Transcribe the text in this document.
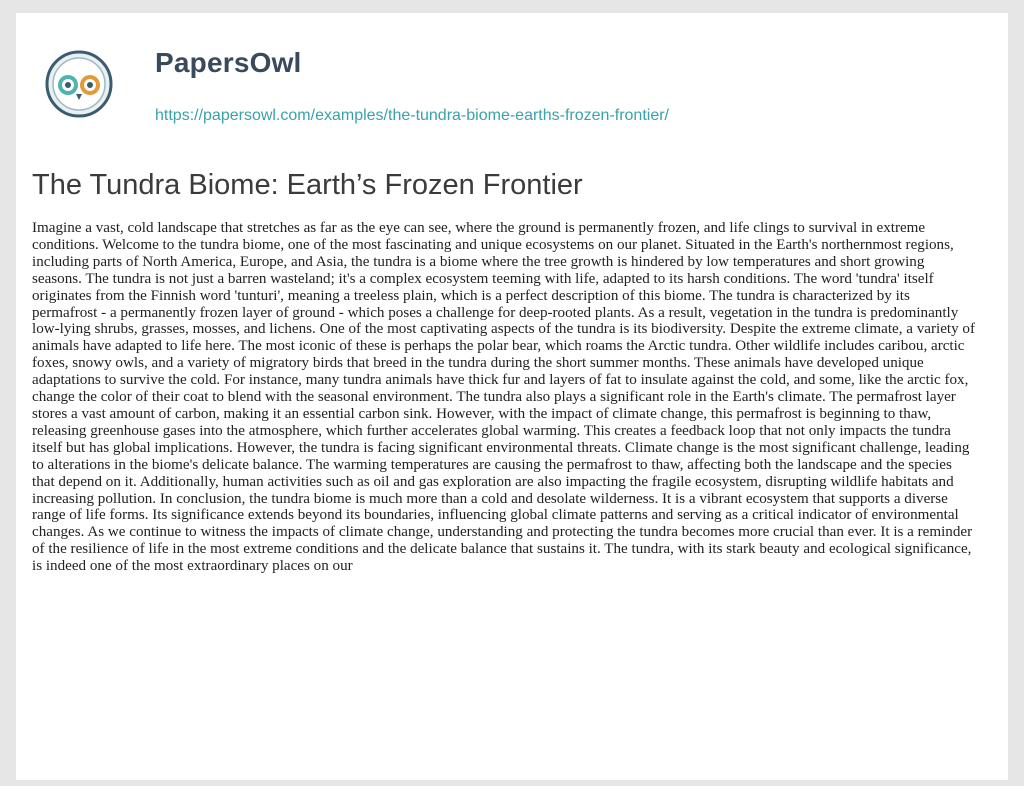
PapersOwl
https://papersowl.com/examples/the-tundra-biome-earths-frozen-frontier/
The Tundra Biome: Earth’s Frozen Frontier

Imagine a vast, cold landscape that stretches as far as the eye can see, where the ground is permanently frozen, and life clings to survival in extreme conditions. Welcome to the tundra biome, one of the most fascinating and unique ecosystems on our planet. Situated in the Earth's northernmost regions, including parts of North America, Europe, and Asia, the tundra is a biome where the tree growth is hindered by low temperatures and short growing seasons. The tundra is not just a barren wasteland; it's a complex ecosystem teeming with life, adapted to its harsh conditions. The word 'tundra' itself originates from the Finnish word 'tunturi', meaning a treeless plain, which is a perfect description of this biome. The tundra is characterized by its permafrost - a permanently frozen layer of ground - which poses a challenge for deep-rooted plants. As a result, vegetation in the tundra is predominantly low-lying shrubs, grasses, mosses, and lichens. One of the most captivating aspects of the tundra is its biodiversity. Despite the extreme climate, a variety of animals have adapted to life here. The most iconic of these is perhaps the polar bear, which roams the Arctic tundra. Other wildlife includes caribou, arctic foxes, snowy owls, and a variety of migratory birds that breed in the tundra during the short summer months. These animals have developed unique adaptations to survive the cold. For instance, many tundra animals have thick fur and layers of fat to insulate against the cold, and some, like the arctic fox, change the color of their coat to blend with the seasonal environment. The tundra also plays a significant role in the Earth's climate. The permafrost layer stores a vast amount of carbon, making it an essential carbon sink. However, with the impact of climate change, this permafrost is beginning to thaw, releasing greenhouse gases into the atmosphere, which further accelerates global warming. This creates a feedback loop that not only impacts the tundra itself but has global implications. However, the tundra is facing significant environmental threats. Climate change is the most significant challenge, leading to alterations in the biome's delicate balance. The warming temperatures are causing the permafrost to thaw, affecting both the landscape and the species that depend on it. Additionally, human activities such as oil and gas exploration are also impacting the fragile ecosystem, disrupting wildlife habitats and increasing pollution. In conclusion, the tundra biome is much more than a cold and desolate wilderness. It is a vibrant ecosystem that supports a diverse range of life forms. Its significance extends beyond its boundaries, influencing global climate patterns and serving as a critical indicator of environmental changes. As we continue to witness the impacts of climate change, understanding and protecting the tundra becomes more crucial than ever. It is a reminder of the resilience of life in the most extreme conditions and the delicate balance that sustains it. The tundra, with its stark beauty and ecological significance, is indeed one of the most extraordinary places on our
